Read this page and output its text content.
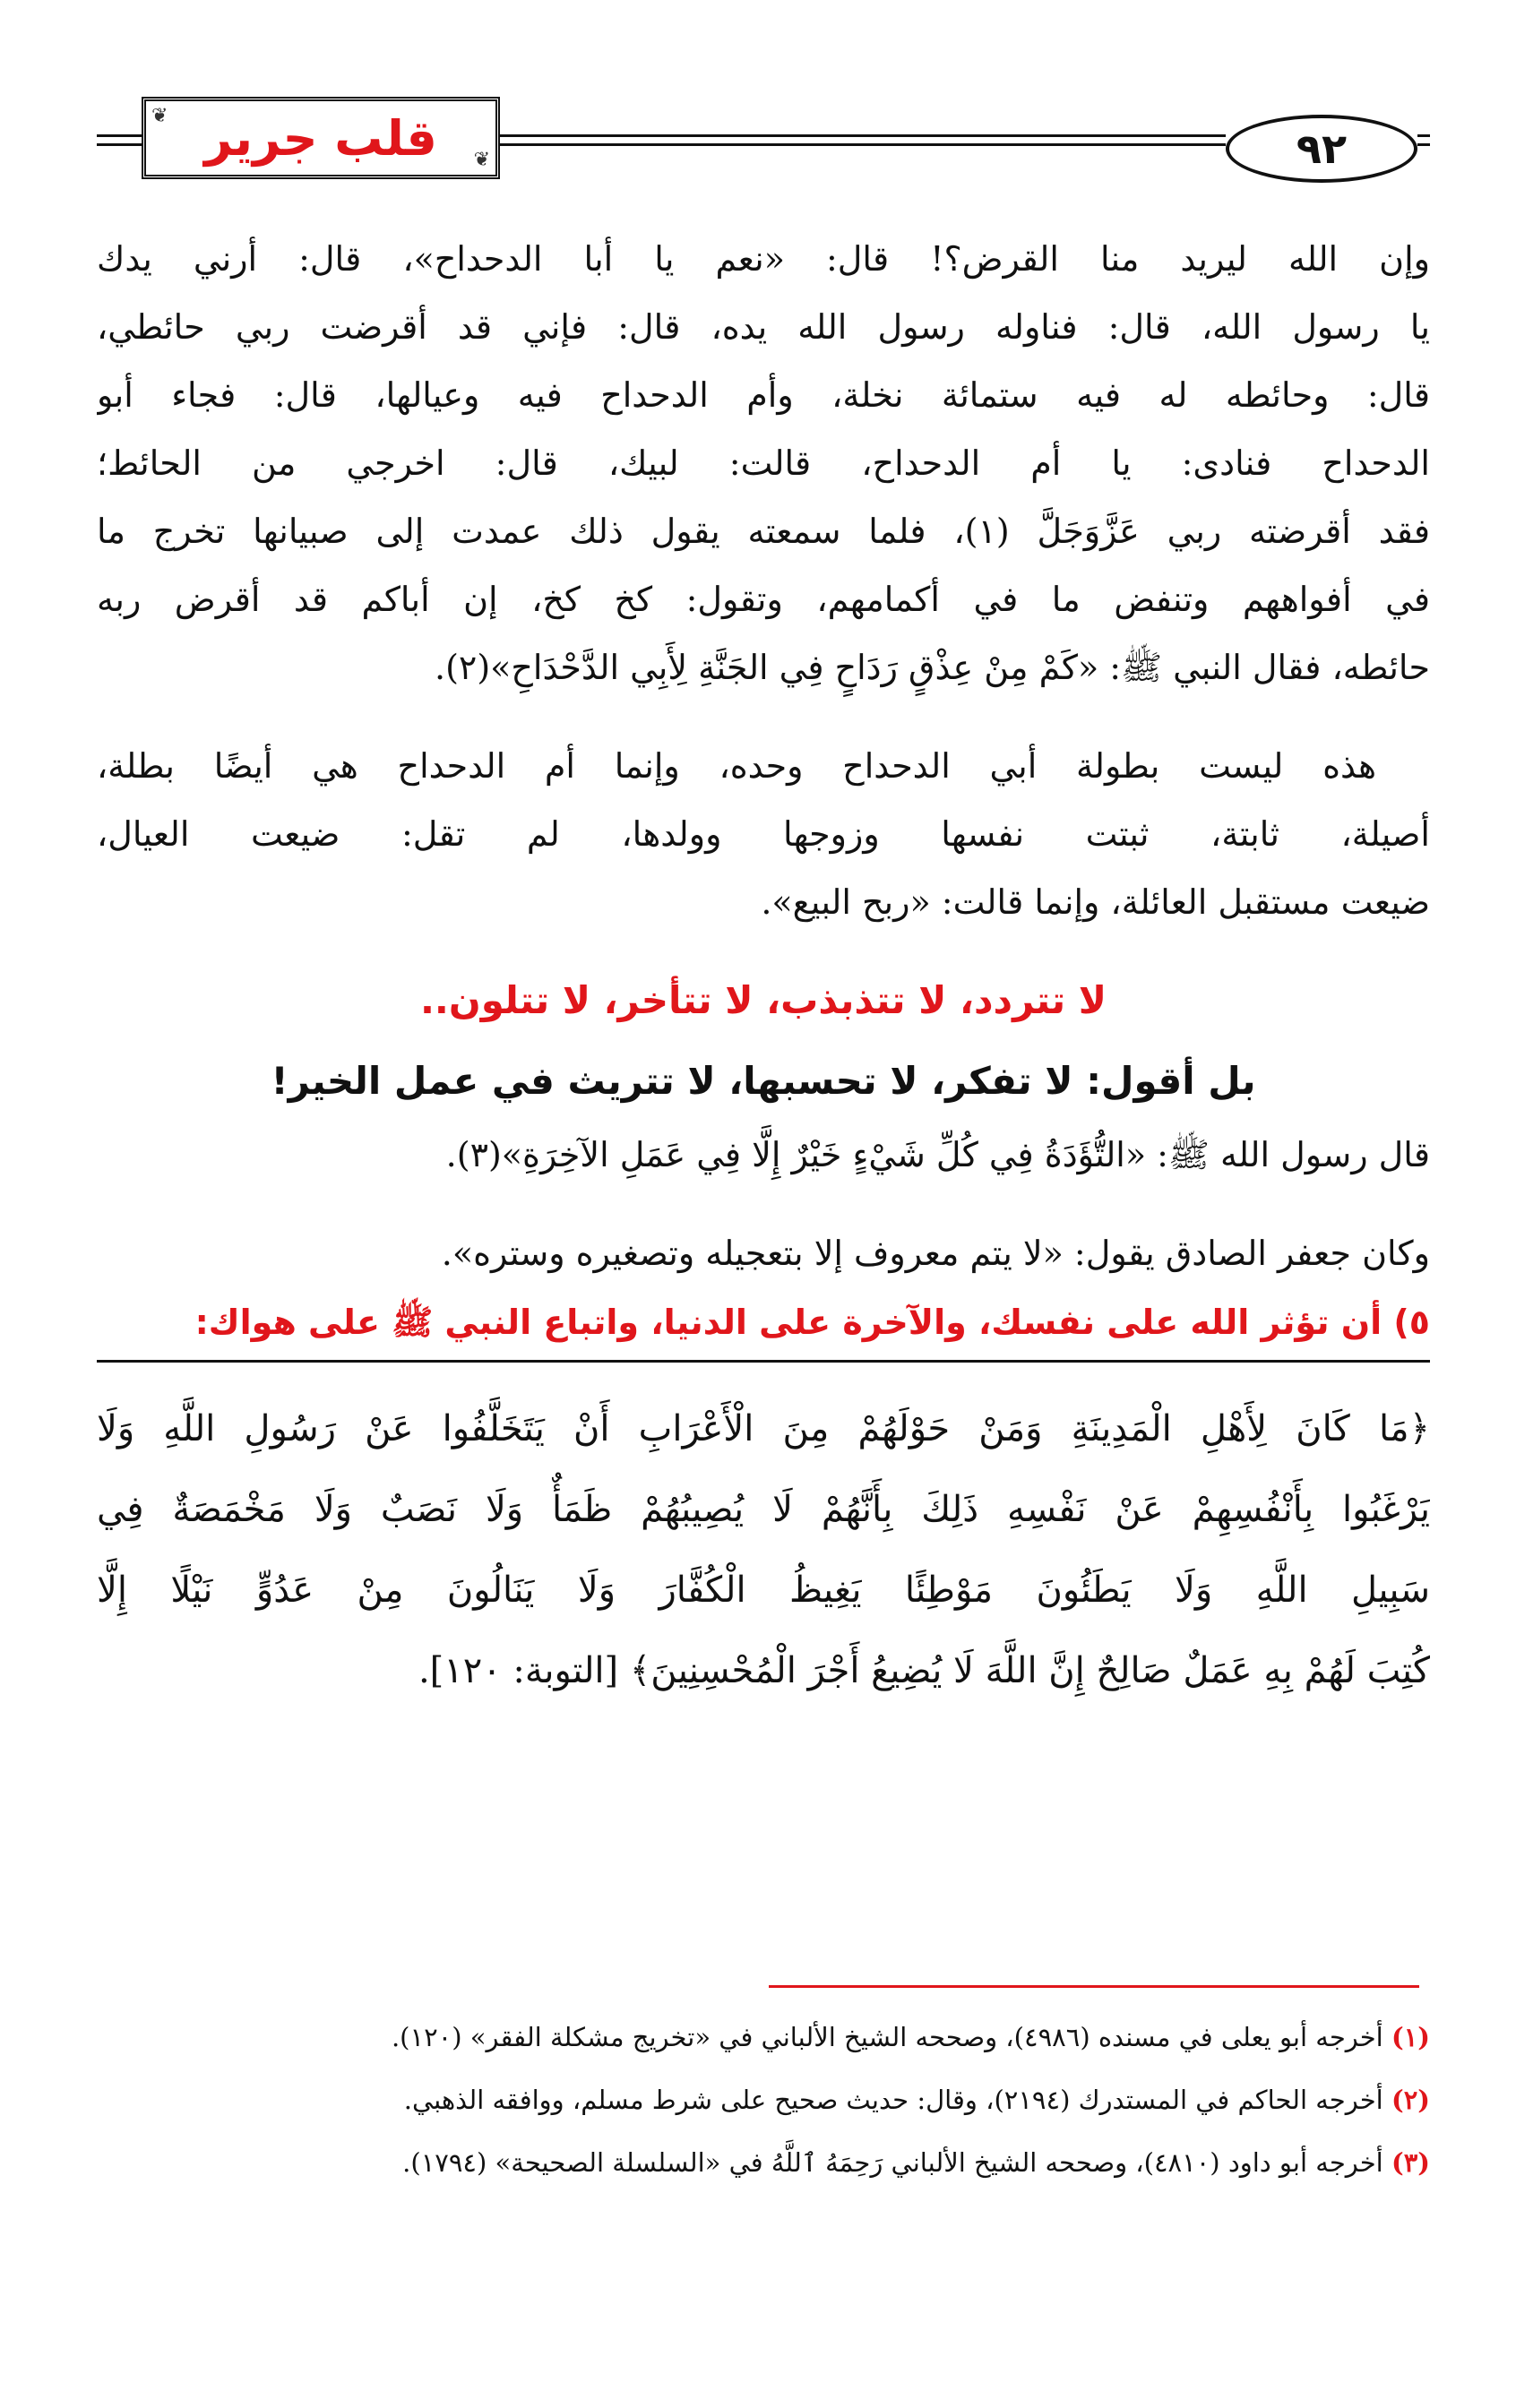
❦
❦
قلب جرير	٩٢
وإن الله ليريد منا القرض؟! قال: «نعم يا أبا الدحداح»، قال: أرني يدك
يا رسول الله، قال: فناوله رسول الله يده، قال: فإني قد أقرضت ربي حائطي،
قال: وحائطه له فيه ستمائة نخلة، وأم الدحداح فيه وعيالها، قال: فجاء أبو
الدحداح فنادى: يا أم الدحداح، قالت: لبيك، قال: اخرجي من الحائط؛
فقد أقرضته ربي عَزَّوَجَلَّ (١)، فلما سمعته يقول ذلك عمدت إلى صبيانها تخرج ما
في أفواههم وتنفض ما في أكمامهم، وتقول: كخ كخ، إن أباكم قد أقرض ربه
حائطه، فقال النبي ﷺ: «كَمْ مِنْ عِذْقٍ رَدَاحٍ فِي الجَنَّةِ لِأَبِي الدَّحْدَاحِ»(٢).
هذه ليست بطولة أبي الدحداح وحده، وإنما أم الدحداح هي أيضًا بطلة،
أصيلة، ثابتة، ثبتت نفسها وزوجها وولدها، لم تقل: ضيعت العيال،
ضيعت مستقبل العائلة، وإنما قالت: «ربح البيع».
لا تتردد، لا تتذبذب، لا تتأخر، لا تتلون..
بل أقول: لا تفكر، لا تحسبها، لا تتريث في عمل الخير!
قال رسول الله ﷺ: «التُّؤَدَةُ فِي كُلِّ شَيْءٍ خَيْرٌ إِلَّا فِي عَمَلِ الآخِرَةِ»(٣).
وكان جعفر الصادق يقول: «لا يتم معروف إلا بتعجيله وتصغيره وستره».
٥) أن تؤثر الله على نفسك، والآخرة على الدنيا، واتباع النبي ﷺ على هواك:
﴿مَا كَانَ لِأَهْلِ الْمَدِينَةِ وَمَنْ حَوْلَهُمْ مِنَ الْأَعْرَابِ أَنْ يَتَخَلَّفُوا عَنْ رَسُولِ اللَّهِ وَلَا
يَرْغَبُوا بِأَنْفُسِهِمْ عَنْ نَفْسِهِ ذَلِكَ بِأَنَّهُمْ لَا يُصِيبُهُمْ ظَمَأٌ وَلَا نَصَبٌ وَلَا مَخْمَصَةٌ فِي
سَبِيلِ اللَّهِ وَلَا يَطَئُونَ مَوْطِئًا يَغِيظُ الْكُفَّارَ وَلَا يَنَالُونَ مِنْ عَدُوٍّ نَيْلًا إِلَّا
كُتِبَ لَهُمْ بِهِ عَمَلٌ صَالِحٌ إِنَّ اللَّهَ لَا يُضِيعُ أَجْرَ الْمُحْسِنِينَ﴾ [التوبة: ١٢٠].
(١) أخرجه أبو يعلى في مسنده (٤٩٨٦)، وصححه الشيخ الألباني في «تخريج مشكلة الفقر» (١٢٠).
(٢) أخرجه الحاكم في المستدرك (٢١٩٤)، وقال: حديث صحيح على شرط مسلم، ووافقه الذهبي.
(٣) أخرجه أبو داود (٤٨١٠)، وصححه الشيخ الألباني رَحِمَهُ ٱللَّهُ في «السلسلة الصحيحة» (١٧٩٤).
